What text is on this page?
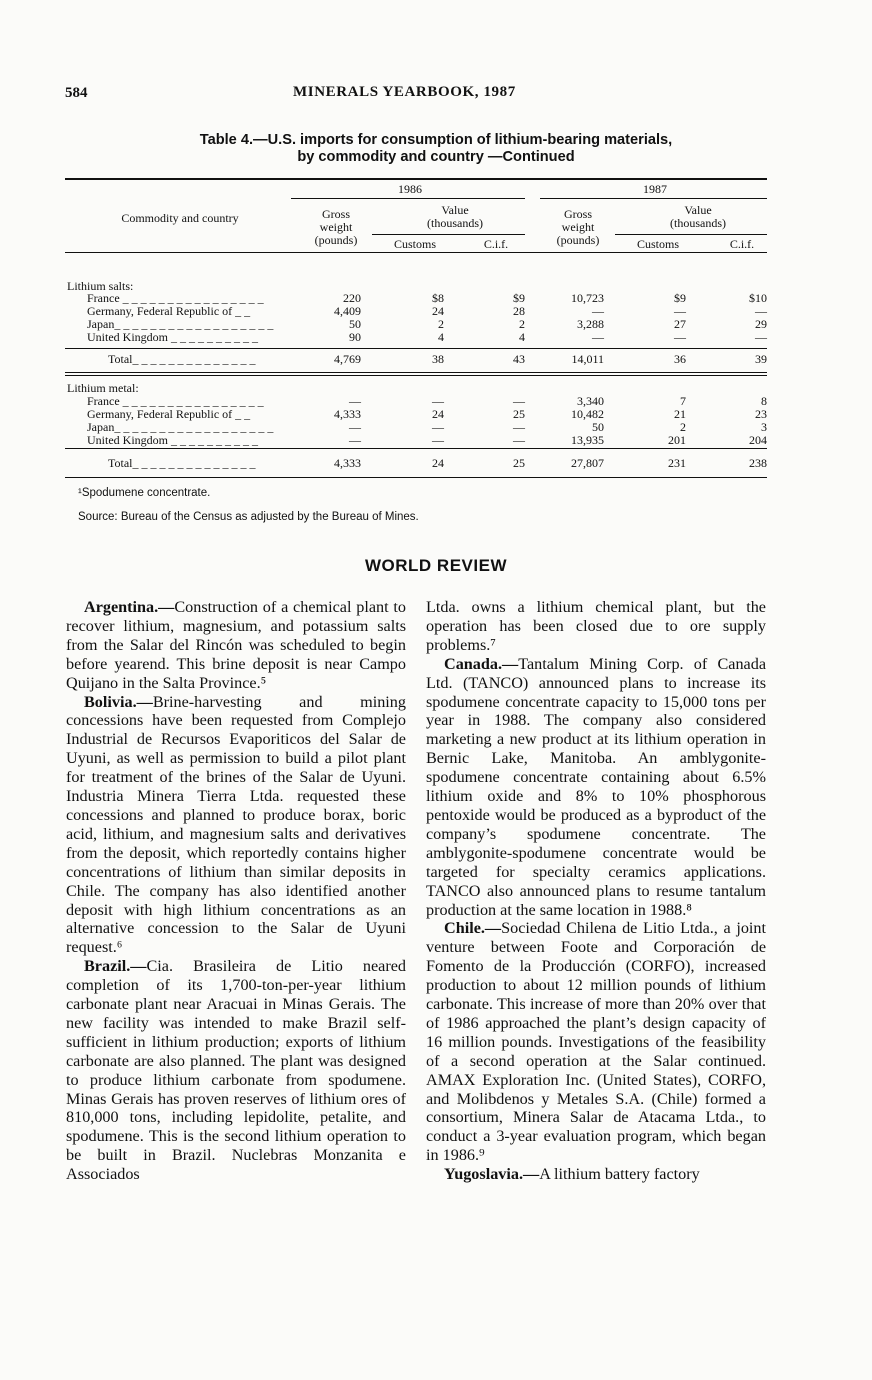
584	MINERALS YEARBOOK, 1987
Table 4.—U.S. imports for consumption of lithium-bearing materials,
by commodity and country —Continued
Commodity and country
1986	1987
Gross
weight
(pounds)
Value
(thousands)
Customs	C.i.f.
Gross
weight
(pounds)
Value
(thousands)
Customs	C.i.f.
Lithium salts:
France _ _ _ _ _ _ _ _ _ _ _ _ _ _ _ _	220	$8	$9	10,723	$9	$10
Germany, Federal Republic of _ _	4,409	24	28	—	—	—
Japan_ _ _ _ _ _ _ _ _ _ _ _ _ _ _ _ _ _	50	2	2	3,288	27	29
United Kingdom _ _ _ _ _ _ _ _ _ _	90	4	4	—	—	—
Total_ _ _ _ _ _ _ _ _ _ _ _ _ _	4,769	38	43	14,011	36	39
Lithium metal:
France _ _ _ _ _ _ _ _ _ _ _ _ _ _ _ _	—	—	—	3,340	7	8
Germany, Federal Republic of _ _	4,333	24	25	10,482	21	23
Japan_ _ _ _ _ _ _ _ _ _ _ _ _ _ _ _ _ _	—	—	—	50	2	3
United Kingdom _ _ _ _ _ _ _ _ _ _	—	—	—	13,935	201	204
Total_ _ _ _ _ _ _ _ _ _ _ _ _ _	4,333	24	25	27,807	231	238
¹Spodumene concentrate.
Source: Bureau of the Census as adjusted by the Bureau of Mines.
WORLD REVIEW

Argentina.—Construction of a chemical plant to recover lithium, magnesium, and potassium salts from the Salar del Rincón was scheduled to begin before yearend. This brine deposit is near Campo Quijano in the Salta Province.⁵

Bolivia.—Brine-harvesting and mining concessions have been requested from Complejo Industrial de Recursos Evaporiticos del Salar de Uyuni, as well as permission to build a pilot plant for treatment of the brines of the Salar de Uyuni. Industria Minera Tierra Ltda. requested these concessions and planned to produce borax, boric acid, lithium, and magnesium salts and derivatives from the deposit, which reportedly contains higher concentrations of lithium than similar deposits in Chile. The company has also identified another deposit with high lithium concentrations as an alternative concession to the Salar de Uyuni request.⁶

Brazil.—Cia. Brasileira de Litio neared completion of its 1,700-ton-per-year lithium carbonate plant near Aracuai in Minas Gerais. The new facility was intended to make Brazil self-sufficient in lithium production; exports of lithium carbonate are also planned. The plant was designed to produce lithium carbonate from spodumene. Minas Gerais has proven reserves of lithium ores of 810,000 tons, including lepidolite, petalite, and spodumene. This is the second lithium operation to be built in Brazil. Nuclebras Monzanita e Associados

Ltda. owns a lithium chemical plant, but the operation has been closed due to ore supply problems.⁷

Canada.—Tantalum Mining Corp. of Canada Ltd. (TANCO) announced plans to increase its spodumene concentrate capacity to 15,000 tons per year in 1988. The company also considered marketing a new product at its lithium operation in Bernic Lake, Manitoba. An amblygonite-spodumene concentrate containing about 6.5% lithium oxide and 8% to 10% phosphorous pentoxide would be produced as a byproduct of the company’s spodumene concentrate. The amblygonite-spodumene concentrate would be targeted for specialty ceramics applications. TANCO also announced plans to resume tantalum production at the same location in 1988.⁸

Chile.—Sociedad Chilena de Litio Ltda., a joint venture between Foote and Corporación de Fomento de la Producción (CORFO), increased production to about 12 million pounds of lithium carbonate. This increase of more than 20% over that of 1986 approached the plant’s design capacity of 16 million pounds. Investigations of the feasibility of a second operation at the Salar continued. AMAX Exploration Inc. (United States), CORFO, and Molibdenos y Metales S.A. (Chile) formed a consortium, Minera Salar de Atacama Ltda., to conduct a 3-year evaluation program, which began in 1986.⁹

Yugoslavia.—A lithium battery factory
